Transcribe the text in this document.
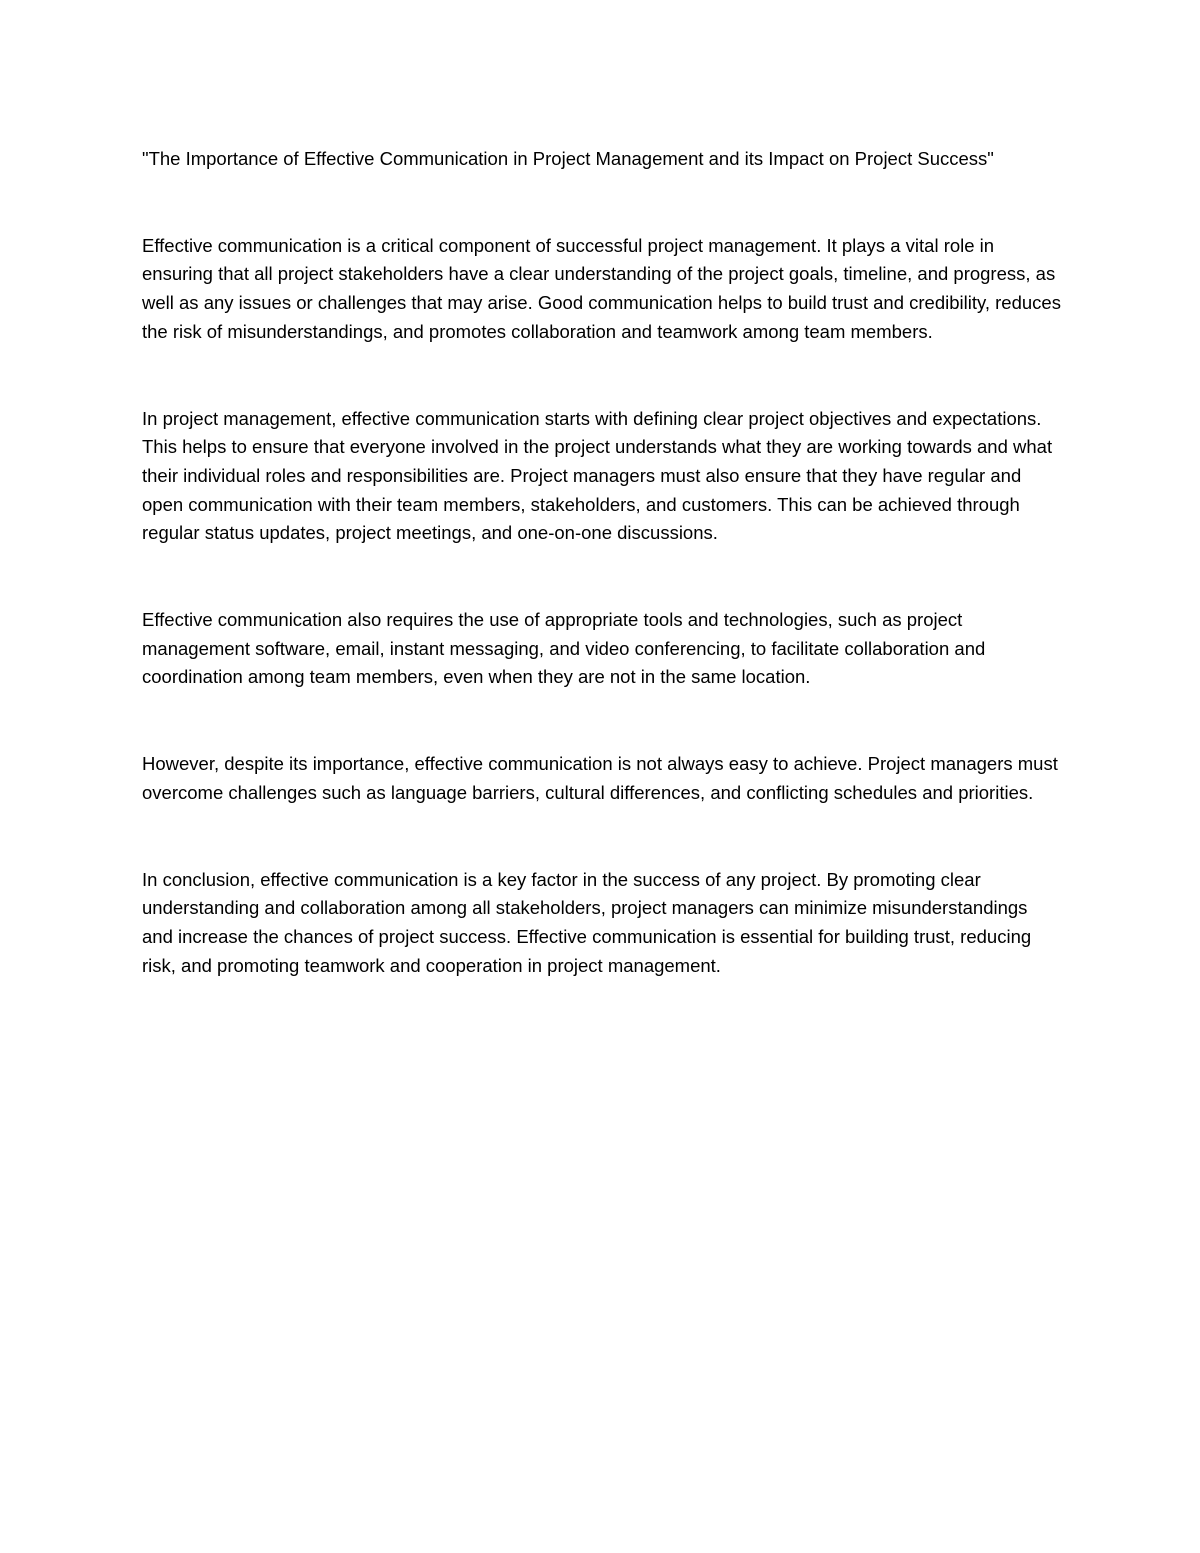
"The Importance of Effective Communication in Project Management and its Impact on Project Success"

Effective communication is a critical component of successful project management. It plays a vital role in ensuring that all project stakeholders have a clear understanding of the project goals, timeline, and progress, as well as any issues or challenges that may arise. Good communication helps to build trust and credibility, reduces the risk of misunderstandings, and promotes collaboration and teamwork among team members.

In project management, effective communication starts with defining clear project objectives and expectations. This helps to ensure that everyone involved in the project understands what they are working towards and what their individual roles and responsibilities are. Project managers must also ensure that they have regular and open communication with their team members, stakeholders, and customers. This can be achieved through regular status updates, project meetings, and one-on-one discussions.

Effective communication also requires the use of appropriate tools and technologies, such as project management software, email, instant messaging, and video conferencing, to facilitate collaboration and coordination among team members, even when they are not in the same location.

However, despite its importance, effective communication is not always easy to achieve. Project managers must overcome challenges such as language barriers, cultural differences, and conflicting schedules and priorities.

In conclusion, effective communication is a key factor in the success of any project. By promoting clear understanding and collaboration among all stakeholders, project managers can minimize misunderstandings and increase the chances of project success. Effective communication is essential for building trust, reducing risk, and promoting teamwork and cooperation in project management.
